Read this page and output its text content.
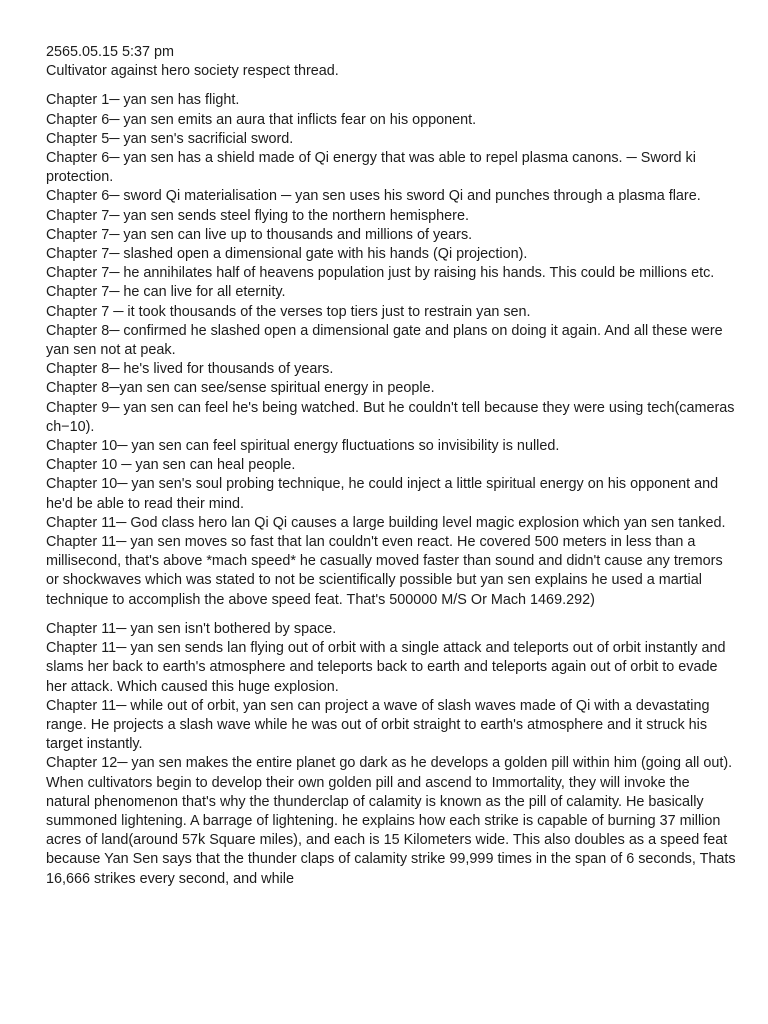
2565.05.15 5:37 pm

Cultivator against hero society respect thread.

Chapter 1─ yan sen has flight.

Chapter 6─ yan sen emits an aura that inflicts fear on his opponent.

Chapter 5─ yan sen's sacrificial sword.

Chapter 6─ yan sen has a shield made of Qi energy that was able to repel plasma canons. ─ Sword ki protection.

Chapter 6─ sword Qi materialisation ─ yan sen uses his sword Qi and punches through a plasma flare.

Chapter 7─ yan sen sends steel flying to the northern hemisphere.

Chapter 7─ yan sen can live up to thousands and millions of years.

Chapter 7─ slashed open a dimensional gate with his hands (Qi projection).

Chapter 7─ he annihilates half of heavens population just by raising his hands. This could be millions etc.

Chapter 7─ he can live for all eternity.

Chapter 7 ─ it took thousands of the verses top tiers just to restrain yan sen.

Chapter 8─ confirmed he slashed open a dimensional gate and plans on doing it again. And all these were yan sen not at peak.

Chapter 8─ he's lived for thousands of years.

Chapter 8─yan sen can see/sense spiritual energy in people.

Chapter 9─ yan sen can feel he's being watched. But he couldn't tell because they were using tech(cameras ch−10).

Chapter 10─ yan sen can feel spiritual energy fluctuations so invisibility is nulled.

Chapter 10 ─ yan sen can heal people.

Chapter 10─ yan sen's soul probing technique, he could inject a little spiritual energy on his opponent and he'd be able to read their mind.

Chapter 11─ God class hero lan Qi Qi causes a large building level magic explosion which yan sen tanked.

Chapter 11─ yan sen moves so fast that lan couldn't even react. He covered 500 meters in less than a millisecond, that's above *mach speed* he casually moved faster than sound and didn't cause any tremors or shockwaves which was stated to not be scientifically possible but yan sen explains he used a martial technique to accomplish the above speed feat. That's 500000 M/S Or Mach 1469.292)

Chapter 11─ yan sen isn't bothered by space.

Chapter 11─ yan sen sends lan flying out of orbit with a single attack and teleports out of orbit instantly and slams her back to earth's atmosphere and teleports back to earth and teleports again out of orbit to evade her attack. Which caused this huge explosion.

Chapter 11─ while out of orbit, yan sen can project a wave of slash waves made of Qi with a devastating range. He projects a slash wave while he was out of orbit straight to earth's atmosphere and it struck his target instantly.

Chapter 12─ yan sen makes the entire planet go dark as he develops a golden pill within him (going all out). When cultivators begin to develop their own golden pill and ascend to Immortality, they will invoke the natural phenomenon that's why the thunderclap of calamity is known as the pill of calamity. He basically summoned lightening. A barrage of lightening. he explains how each strike is capable of burning 37 million acres of land(around 57k Square miles), and each is 15 Kilometers wide. This also doubles as a speed feat because Yan Sen says that the thunder claps of calamity strike 99,999 times in the span of 6 seconds, Thats 16,666 strikes every second, and while
